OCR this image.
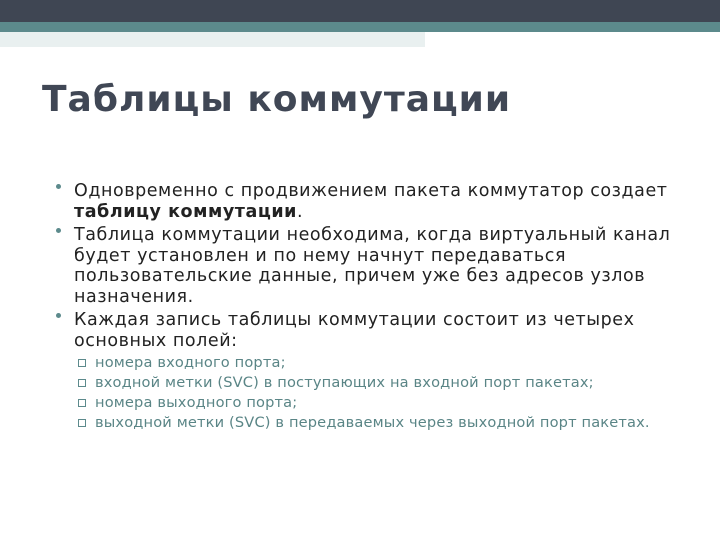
Таблицы коммутации
Одновременно с продвижением пакета коммутатор создает таблицу коммутации.
Таблица коммутации необходима, когда виртуальный канал будет установлен и по нему начнут передаваться пользовательские данные, причем уже без адресов узлов назначения.
Каждая запись таблицы коммутации состоит из четырех основных полей:
номера входного порта;
входной метки (SVC) в поступающих на входной порт пакетах;
номера выходного порта;
выходной метки (SVC) в передаваемых через выходной порт пакетах.
